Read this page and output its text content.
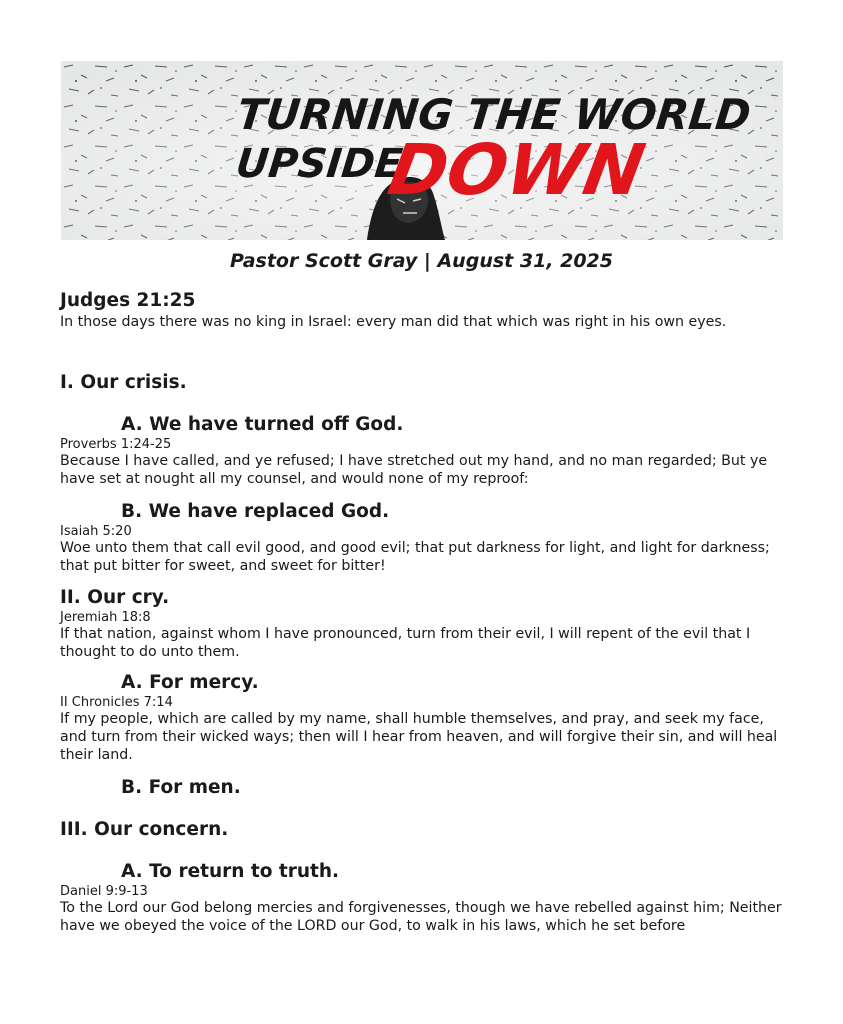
TURNING THE WORLD
UPSIDE
DOWN
Pastor Scott Gray | August 31, 2025
Judges 21:25
In those days there was no king in Israel: every man did that which was right in his own eyes.
I. Our crisis.
A. We have turned off God.
Proverbs 1:24-25
Because I have called, and ye refused; I have stretched out my hand, and no man regarded; But ye have set at nought all my counsel, and would none of my reproof:
B. We have replaced God.
Isaiah 5:20
Woe unto them that call evil good, and good evil; that put darkness for light, and light for darkness; that put bitter for sweet, and sweet for bitter!
II. Our cry.
Jeremiah 18:8
If that nation, against whom I have pronounced, turn from their evil, I will repent of the evil that I thought to do unto them.
A. For mercy.
II Chronicles 7:14
If my people, which are called by my name, shall humble themselves, and pray, and seek my face, and turn from their wicked ways; then will I hear from heaven, and will forgive their sin, and will heal their land.
B. For men.
III. Our concern.
A. To return to truth.
Daniel 9:9-13
To the Lord our God belong mercies and forgivenesses, though we have rebelled against him; Neither have we obeyed the voice of the LORD our God, to walk in his laws, which he set before
